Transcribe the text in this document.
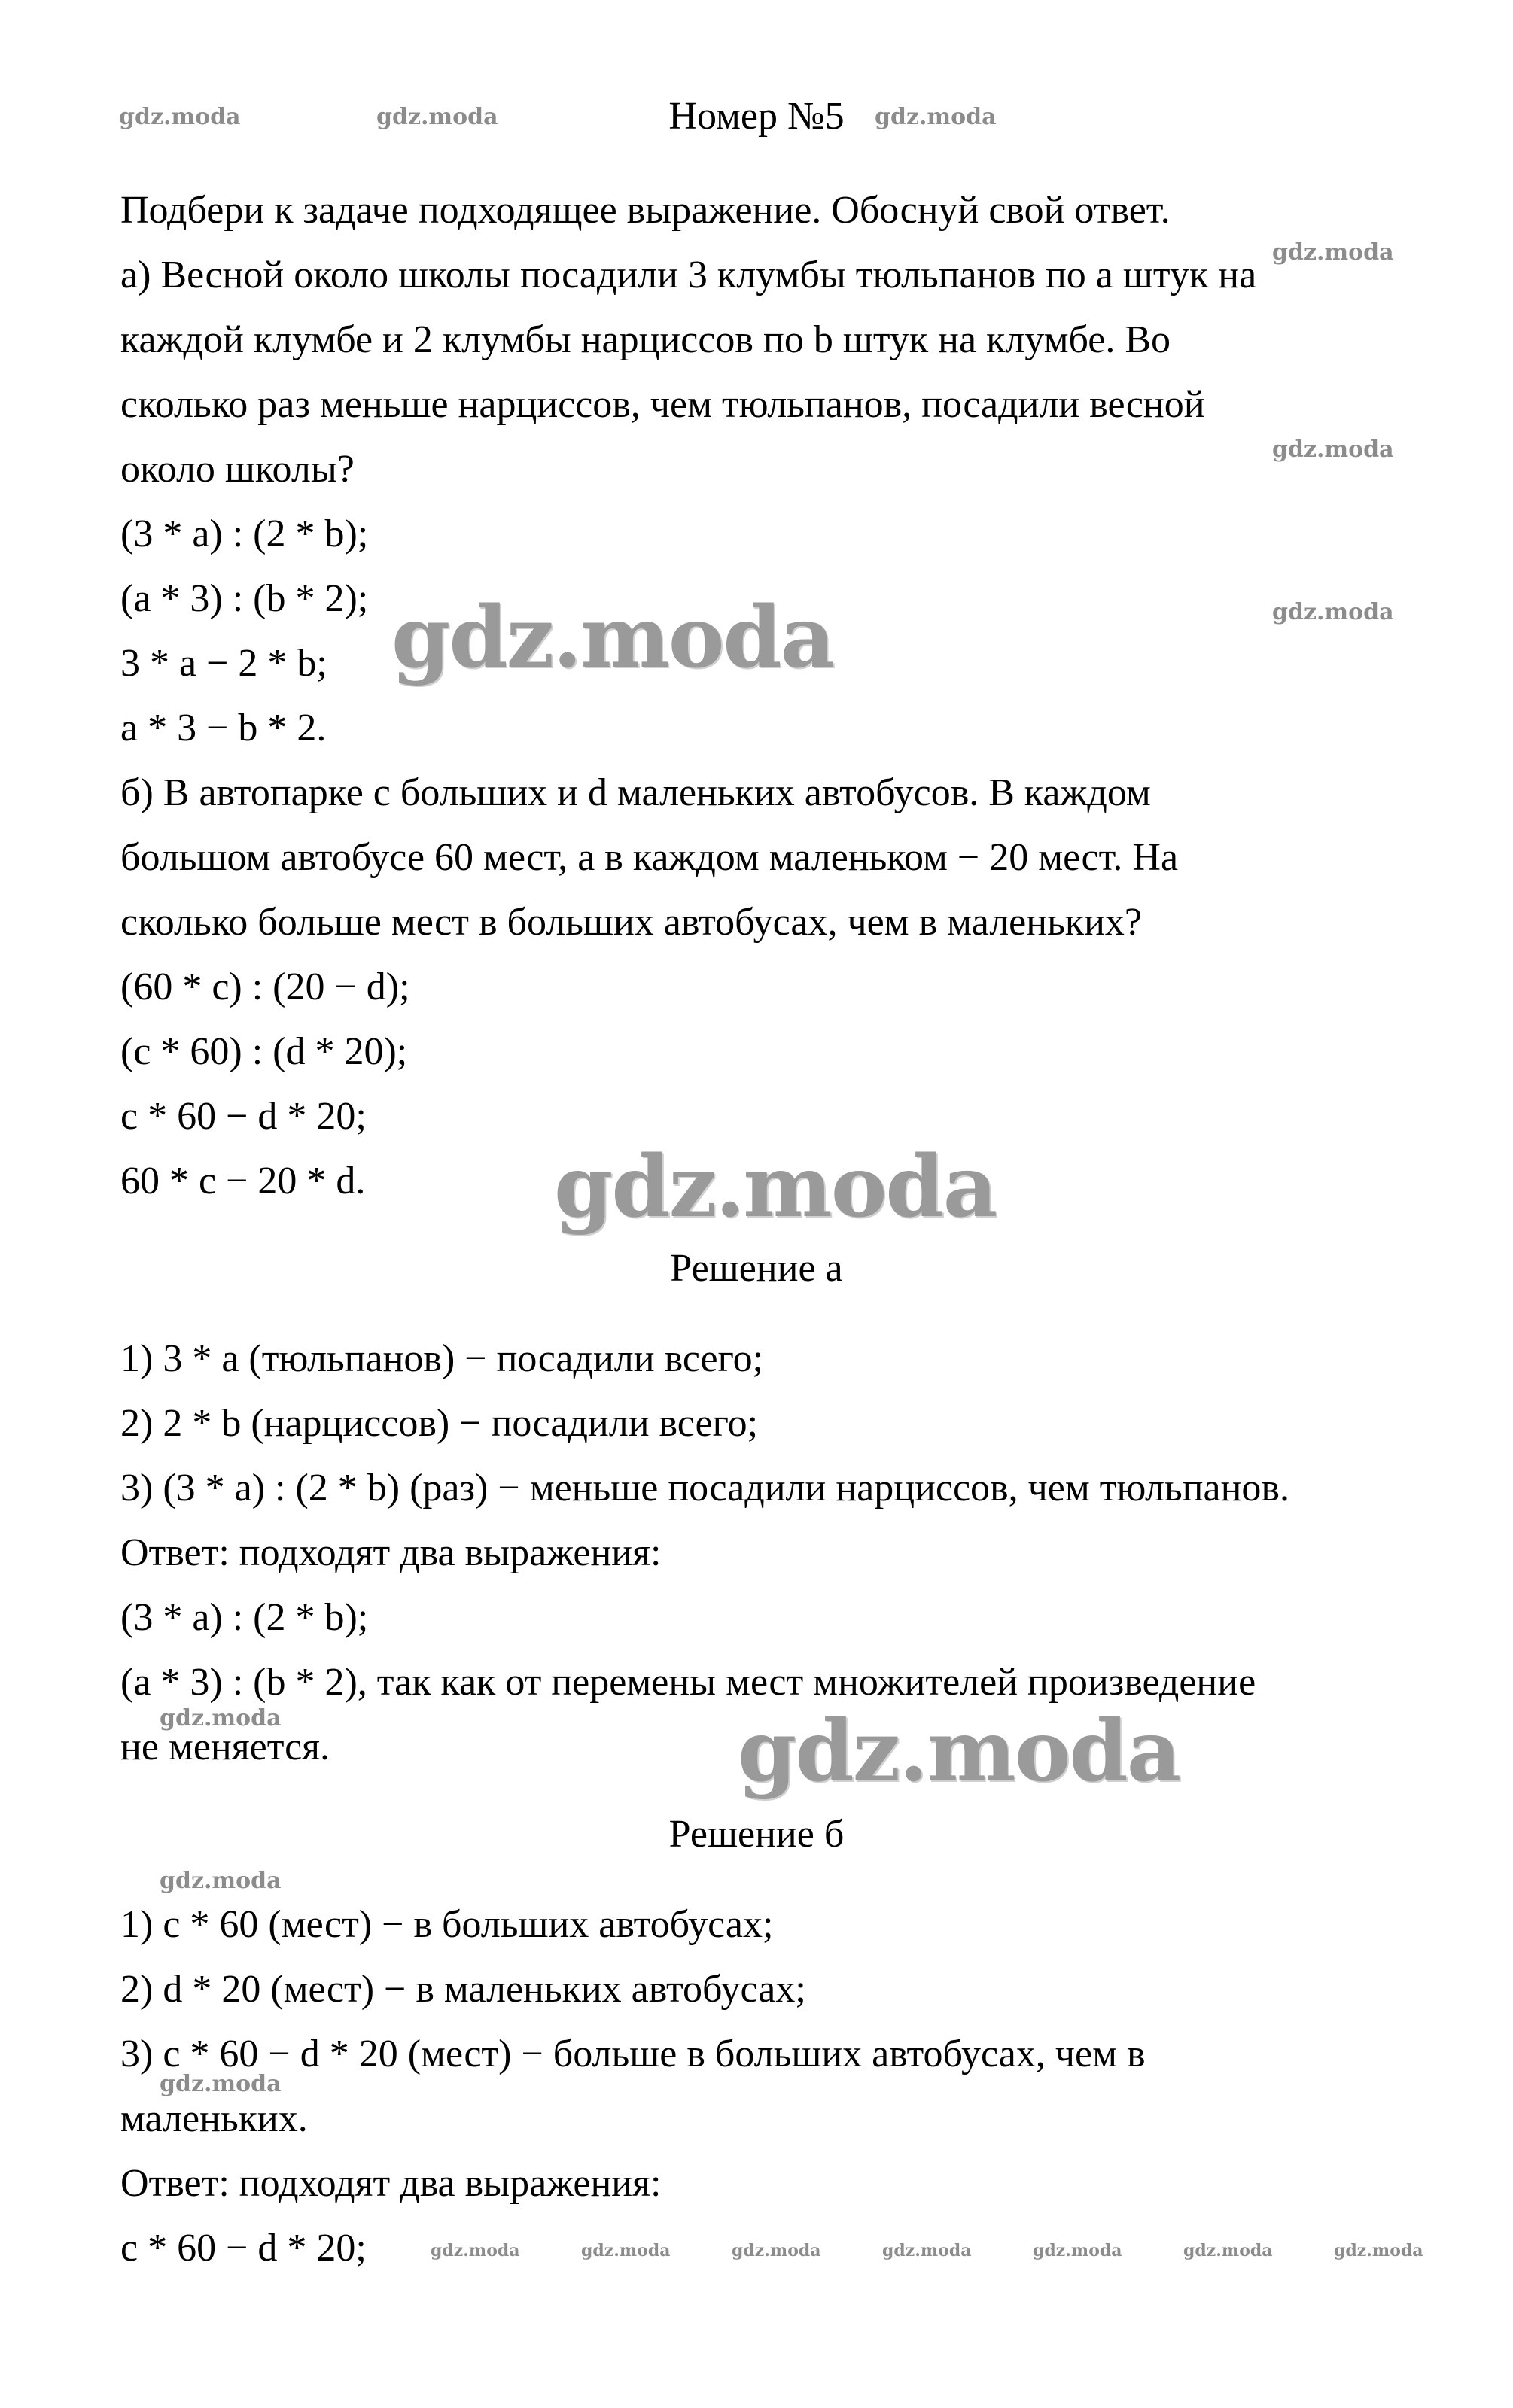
Номер №5
Подбери к задаче подходящее выражение. Обоснуй свой ответ.
а) Весной около школы посадили 3 клумбы тюльпанов по a штук на
каждой клумбе и 2 клумбы нарциссов по b штук на клумбе. Во
сколько раз меньше нарциссов, чем тюльпанов, посадили весной
около школы?
(3 * a) : (2 * b);
(a * 3) : (b * 2);
3 * a − 2 * b;
a * 3 − b * 2.
б) В автопарке с больших и d маленьких автобусов. В каждом
большом автобусе 60 мест, а в каждом маленьком − 20 мест. На
сколько больше мест в больших автобусах, чем в маленьких?
(60 * c) : (20 − d);
(c * 60) : (d * 20);
c * 60 − d * 20;
60 * c − 20 * d.
Решение а
1) 3 * a (тюльпанов) − посадили всего;
2) 2 * b (нарциссов) − посадили всего;
3) (3 * a) : (2 * b) (раз) − меньше посадили нарциссов, чем тюльпанов.
Ответ: подходят два выражения:
(3 * a) : (2 * b);
(a * 3) : (b * 2), так как от перемены мест множителей произведение
не меняется.
Решение б
1) c * 60 (мест) − в больших автобусах;
2) d * 20 (мест) − в маленьких автобусах;
3) c * 60 − d * 20 (мест) − больше в больших автобусах, чем в
маленьких.
Ответ: подходят два выражения:
c * 60 − d * 20;
gdz.moda	gdz.moda	gdz.moda
gdz.moda
gdz.moda
gdz.moda
gdz.moda
gdz.moda
gdz.moda
gdz.moda
gdz.moda
gdz.moda
gdz.moda	gdz.moda	gdz.moda	gdz.moda	gdz.moda	gdz.moda	gdz.moda
